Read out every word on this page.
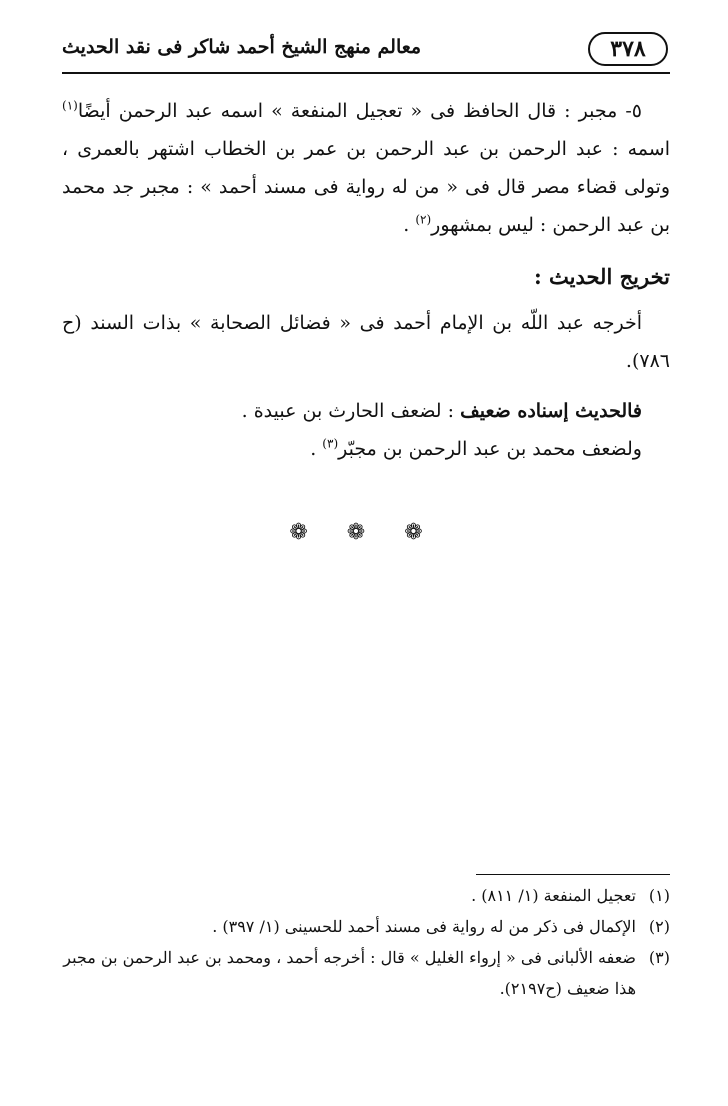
٣٧٨
معالم منهج الشيخ أحمد شاكر فى نقد الحديث

٥- مجبر : قال الحافظ فى « تعجيل المنفعة » اسمه عبد الرحمن أيضًا$^{(١)}$ اسمه : عبد الرحمن بن عبد الرحمن بن عمر بن الخطاب اشتهر بالعمرى ، وتولى قضاء مصر قال فى « من له رواية فى مسند أحمد » : مجبر جد محمد بن عبد الرحمن : ليس بمشهور$^{(٢)}$ .

تخريج الحديث :

أخرجه عبد اللّه بن الإمام أحمد فى « فضائل الصحابة » بذات السند (ح ٧٨٦).

فالحديث إسناده ضعيف : لضعف الحارث بن عبيدة .

ولضعف محمد بن عبد الرحمن بن مجبّر$^{(٣)}$ .

❁ ❁ ❁

(١)
تعجيل المنفعة (١/ ٨١١) .

(٢)
الإكمال فى ذكر من له رواية فى مسند أحمد للحسينى (١/ ٣٩٧) .

(٣)
ضعفه الألبانى فى « إرواء الغليل » قال : أخرجه أحمد ، ومحمد بن عبد الرحمن بن مجبر هذا ضعيف (ح٢١٩٧).
